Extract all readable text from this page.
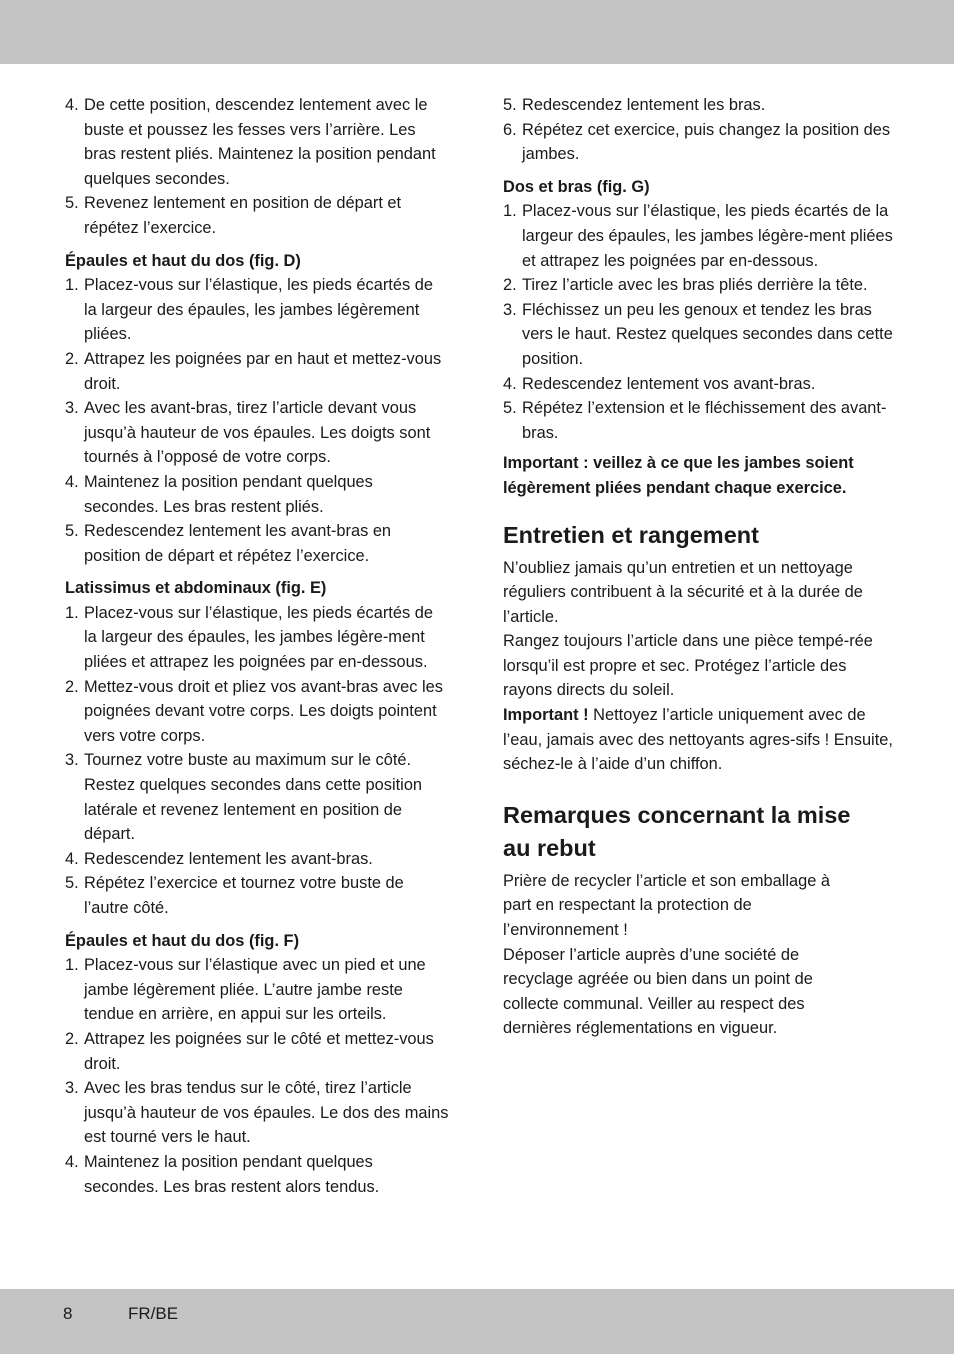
4. De cette position, descendez lentement avec le buste et poussez les fesses vers l’arrière. Les bras restent pliés. Maintenez la position pendant quelques secondes.
5. Revenez lentement en position de départ et répétez l’exercice.
Épaules et haut du dos (fig. D)
1. Placez-vous sur l’élastique, les pieds écartés de la largeur des épaules, les jambes légèrement pliées.
2. Attrapez les poignées par en haut et mettez-vous droit.
3. Avec les avant-bras, tirez l’article devant vous jusqu’à hauteur de vos épaules. Les doigts sont tournés à l’opposé de votre corps.
4. Maintenez la position pendant quelques secondes. Les bras restent pliés.
5. Redescendez lentement les avant-bras en position de départ et répétez l’exercice.
Latissimus et abdominaux (fig. E)
1. Placez-vous sur l’élastique, les pieds écartés de la largeur des épaules, les jambes légère-ment pliées et attrapez les poignées par en-dessous.
2. Mettez-vous droit et pliez vos avant-bras avec les poignées devant votre corps. Les doigts pointent vers votre corps.
3. Tournez votre buste au maximum sur le côté. Restez quelques secondes dans cette position latérale et revenez lentement en position de départ.
4. Redescendez lentement les avant-bras.
5. Répétez l’exercice et tournez votre buste de l’autre côté.
Épaules et haut du dos (fig. F)
1. Placez-vous sur l’élastique avec un pied et une jambe légèrement pliée. L’autre jambe reste tendue en arrière, en appui sur les orteils.
2. Attrapez les poignées sur le côté et mettez-vous droit.
3. Avec les bras tendus sur le côté, tirez l’article jusqu’à hauteur de vos épaules. Le dos des mains est tourné vers le haut.
4. Maintenez la position pendant quelques secondes. Les bras restent alors tendus.
5. Redescendez lentement les bras.
6. Répétez cet exercice, puis changez la position des jambes.
Dos et bras (fig. G)
1. Placez-vous sur l’élastique, les pieds écartés de la largeur des épaules, les jambes légère-ment pliées et attrapez les poignées par en-dessous.
2. Tirez l’article avec les bras pliés derrière la tête.
3. Fléchissez un peu les genoux et tendez les bras vers le haut. Restez quelques secondes dans cette position.
4. Redescendez lentement vos avant-bras.
5. Répétez l’extension et le fléchissement des avant-bras.

Important : veillez à ce que les jambes soient légèrement pliées pendant chaque exercice.

Entretien et rangement

N’oubliez jamais qu’un entretien et un nettoyage réguliers contribuent à la sécurité et à la durée de l’article.

Rangez toujours l’article dans une pièce tempé-rée lorsqu’il est propre et sec. Protégez l’article des rayons directs du soleil.

Important ! Nettoyez l’article uniquement avec de l’eau, jamais avec des nettoyants agres-sifs ! Ensuite, séchez-le à l’aide d’un chiffon.

Remarques concernant la mise au rebut

Prière de recycler l’article et son emballage à part en respectant la protection de l’environnement !

Déposer l’article auprès d’une société de recyclage agréée ou bien dans un point de collecte communal. Veiller au respect des dernières réglementations en vigueur.

8	FR/BE
